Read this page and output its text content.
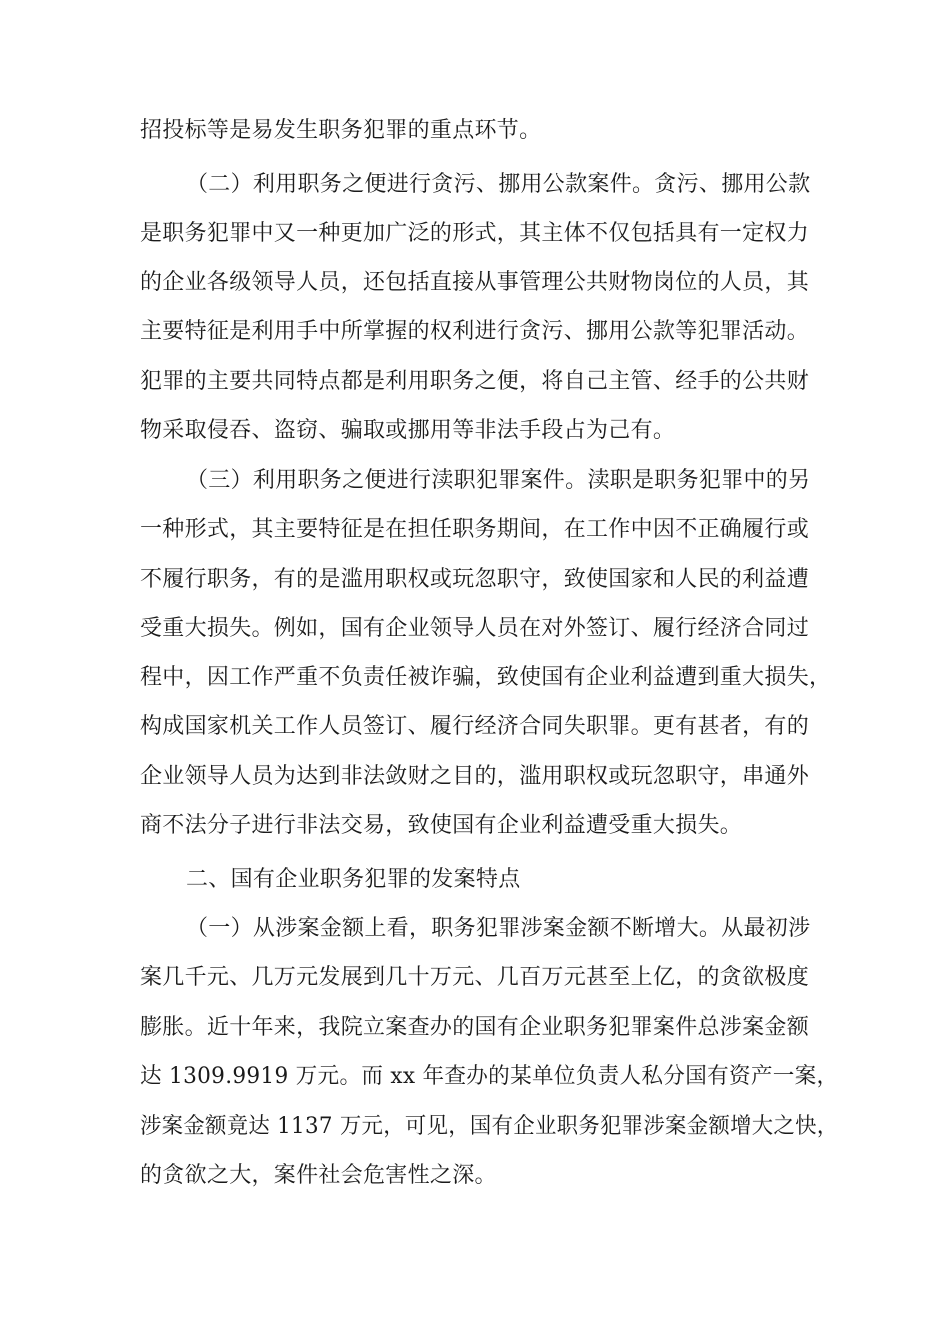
招投标等是易发生职务犯罪的重点环节。
（二）利用职务之便进行贪污、挪用公款案件。贪污、挪用公款
是职务犯罪中又一种更加广泛的形式，其主体不仅包括具有一定权力
的企业各级领导人员，还包括直接从事管理公共财物岗位的人员，其
主要特征是利用手中所掌握的权利进行贪污、挪用公款等犯罪活动。
犯罪的主要共同特点都是利用职务之便，将自己主管、经手的公共财
物采取侵吞、盗窃、骗取或挪用等非法手段占为己有。
（三）利用职务之便进行渎职犯罪案件。渎职是职务犯罪中的另
一种形式，其主要特征是在担任职务期间，在工作中因不正确履行或
不履行职务，有的是滥用职权或玩忽职守，致使国家和人民的利益遭
受重大损失。例如，国有企业领导人员在对外签订、履行经济合同过
程中，因工作严重不负责任被诈骗，致使国有企业利益遭到重大损失，
构成国家机关工作人员签订、履行经济合同失职罪。更有甚者，有的
企业领导人员为达到非法敛财之目的，滥用职权或玩忽职守，串通外
商不法分子进行非法交易，致使国有企业利益遭受重大损失。
二、国有企业职务犯罪的发案特点
（一）从涉案金额上看，职务犯罪涉案金额不断增大。从最初涉
案几千元、几万元发展到几十万元、几百万元甚至上亿，的贪欲极度
膨胀。近十年来，我院立案查办的国有企业职务犯罪案件总涉案金额
达 1309.9919 万元。而 xx 年查办的某单位负责人私分国有资产一案，
涉案金额竟达 1137 万元，可见，国有企业职务犯罪涉案金额增大之快，
的贪欲之大，案件社会危害性之深。
